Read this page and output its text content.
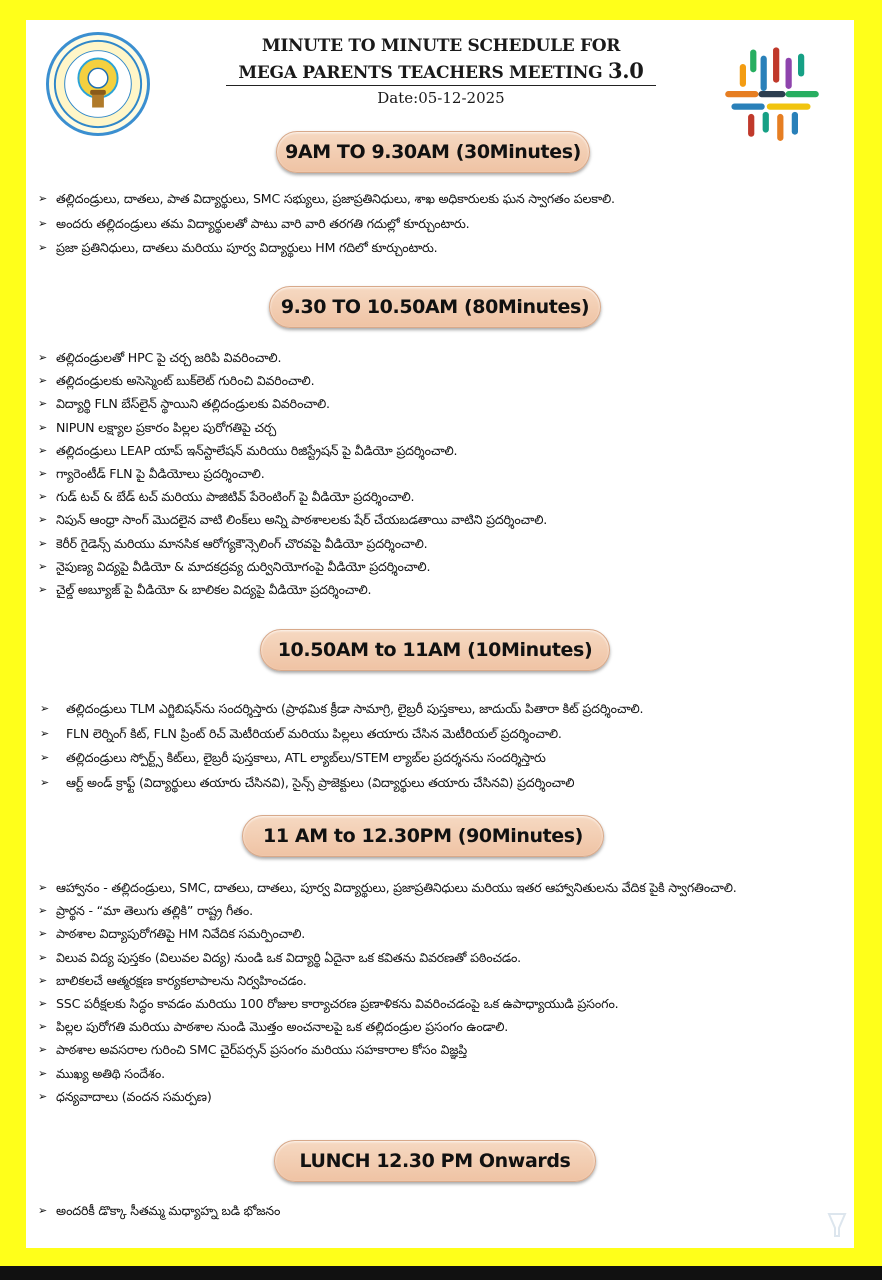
MINUTE TO MINUTE SCHEDULE FOR
MEGA PARENTS TEACHERS MEETING 3.0
Date:05-12-2025
9AM TO 9.30AM (30Minutes)
➢ తల్లిదండ్రులు, దాతలు, పాత విద్యార్థులు, SMC సభ్యులు, ప్రజాప్రతినిధులు, శాఖ అధికారులకు ఘన స్వాగతం పలకాలి.
➢ అందరు తల్లిదండ్రులు తమ విద్యార్థులతో పాటు వారి వారి తరగతి గదుల్లో కూర్చుంటారు.
➢ ప్రజా ప్రతినిధులు, దాతలు మరియు పూర్వ విద్యార్థులు HM గదిలో కూర్చుంటారు.
9.30 TO 10.50AM (80Minutes)
➢ తల్లిదండ్రులతో HPC పై చర్చ జరిపి వివరించాలి.
➢ తల్లిదండ్రులకు అసెస్మెంట్ బుక్‌లెట్ గురించి వివరించాలి.
➢ విద్యార్థి FLN బేస్‌లైన్ స్థాయిని తల్లిదండ్రులకు వివరించాలి.
➢ NIPUN లక్ష్యాల ప్రకారం పిల్లల పురోగతిపై చర్చ
➢ తల్లిదండ్రులు LEAP యాప్ ఇన్‌స్టాలేషన్ మరియు రిజిస్ట్రేషన్ పై వీడియో ప్రదర్శించాలి.
➢ గ్యారెంటీడ్ FLN పై వీడియోలు ప్రదర్శించాలి.
➢ గుడ్ టచ్ & బేడ్ టచ్ మరియు పాజిటివ్ పేరెంటింగ్ పై వీడియో ప్రదర్శించాలి.
➢ నిపున్ ఆంధ్రా సాంగ్ మొదలైన వాటి లింక్‌లు అన్ని పాఠశాలలకు షేర్ చేయబడతాయి వాటిని ప్రదర్శించాలి.
➢ కెరీర్ గైడెన్స్ మరియు మానసిక ఆరోగ్యకౌన్సెలింగ్ చొరవపై వీడియో ప్రదర్శించాలి.
➢ నైపుణ్య విద్యపై వీడియో & మాదకద్రవ్య దుర్వినియోగంపై వీడియో ప్రదర్శించాలి.
➢ చైల్డ్ అబ్యూజ్ పై వీడియో & బాలికల విద్యపై వీడియో ప్రదర్శించాలి.
10.50AM to 11AM (10Minutes)
➢ తల్లిదండ్రులు TLM ఎగ్జిబిషన్‌ను సందర్శిస్తారు (ప్రాథమిక క్రీడా సామాగ్రి, లైబ్రరీ పుస్తకాలు, జాదుయ్ పితారా కిట్ ప్రదర్శించాలి.
➢ FLN లెర్నింగ్ కిట్, FLN ప్రింట్ రిచ్ మెటీరియల్ మరియు పిల్లలు తయారు చేసిన మెటీరియల్ ప్రదర్శించాలి.
➢ తల్లిదండ్రులు స్పోర్ట్స్ కిట్‌లు, లైబ్రరీ పుస్తకాలు, ATL ల్యాబ్‌లు/STEM ల్యాబ్‌ల ప్రదర్శనను సందర్శిస్తారు
➢ ఆర్ట్ అండ్ క్రాఫ్ట్ (విద్యార్థులు తయారు చేసినవి), సైన్స్ ప్రాజెక్టులు (విద్యార్థులు తయారు చేసినవి) ప్రదర్శించాలి
11 AM to 12.30PM (90Minutes)
➢ ఆహ్వానం - తల్లిదండ్రులు, SMC, దాతలు, దాతలు, పూర్వ విద్యార్థులు, ప్రజాప్రతినిధులు మరియు ఇతర ఆహ్వానితులను వేదిక పైకి స్వాగతించాలి.
➢ ప్రార్థన - “మా తెలుగు తల్లికి” రాష్ట్ర గీతం.
➢ పాఠశాల విద్యాపురోగతిపై HM నివేదిక సమర్పించాలి.
➢ విలువ విద్య పుస్తకం (విలువల విద్య) నుండి ఒక విద్యార్థి ఏదైనా ఒక కవితను వివరణతో పఠించడం.
➢ బాలికలచే ఆత్మరక్షణ కార్యకలాపాలను నిర్వహించడం.
➢ SSC పరీక్షలకు సిద్ధం కావడం మరియు 100 రోజుల కార్యాచరణ ప్రణాళికను వివరించడంపై ఒక ఉపాధ్యాయుడి ప్రసంగం.
➢ పిల్లల పురోగతి మరియు పాఠశాల నుండి మొత్తం అంచనాలపై ఒక తల్లిదండ్రుల ప్రసంగం ఉండాలి.
➢ పాఠశాల అవసరాల గురించి SMC చైర్‌పర్సన్ ప్రసంగం మరియు సహకారాల కోసం విజ్ఞప్తి
➢ ముఖ్య అతిథి సందేశం.
➢ ధన్యవాదాలు (వందన సమర్పణ)
LUNCH 12.30 PM Onwards
➢ అందరికీ డొక్కా సీతమ్మ మధ్యాహ్న బడి భోజనం
